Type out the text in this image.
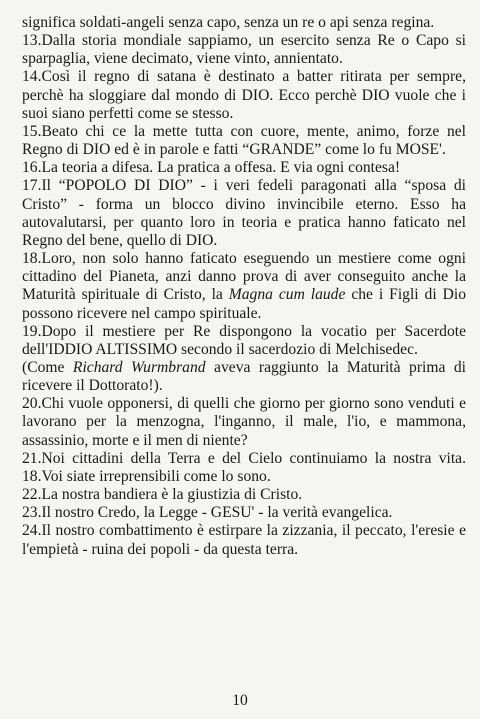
significa soldati-angeli senza capo, senza un re o api senza regina.

13.Dalla storia mondiale sappiamo, un esercito senza Re o Capo si sparpaglia, viene decimato, viene vinto, annientato.

14.Così il regno di satana è destinato a batter ritirata per sempre, perchè ha sloggiare dal mondo di DIO. Ecco perchè DIO vuole che i suoi siano perfetti come se stesso.

15.Beato chi ce la mette tutta con cuore, mente, animo, forze nel Regno di DIO ed è in parole e fatti “GRANDE” come lo fu MOSE'.

16.La teoria a difesa. La pratica a offesa. E via ogni contesa!

17.Il “POPOLO DI DIO” - i veri fedeli paragonati alla “sposa di Cristo” - forma un blocco divino invincibile eterno. Esso ha autovalutarsi, per quanto loro in teoria e pratica hanno faticato nel Regno del bene, quello di DIO.

18.Loro, non solo hanno faticato eseguendo un mestiere come ogni cittadino del Pianeta, anzi danno prova di aver conseguito anche la Maturità spirituale di Cristo, la Magna cum laude che i Figli di Dio possono ricevere nel campo spirituale.

19.Dopo il mestiere per Re dispongono la vocatio per Sacerdote dell'IDDIO ALTISSIMO secondo il sacerdozio di Melchisedec.

(Come Richard Wurmbrand aveva raggiunto la Maturità prima di ricevere il Dottorato!).

20.Chi vuole opponersi, di quelli che giorno per giorno sono venduti e lavorano per la menzogna, l'inganno, il male, l'io, e mammona, assassinio, morte e il men di niente?

21.Noi cittadini della Terra e del Cielo continuiamo la nostra vita. 18.Voi siate irreprensibili come lo sono.

22.La nostra bandiera è la giustizia di Cristo.

23.Il nostro Credo, la Legge - GESU' - la verità evangelica.

24.Il nostro combattimento è estirpare la zizzania, il peccato, l'eresie e l'empietà - ruina dei popoli - da questa terra.

10
